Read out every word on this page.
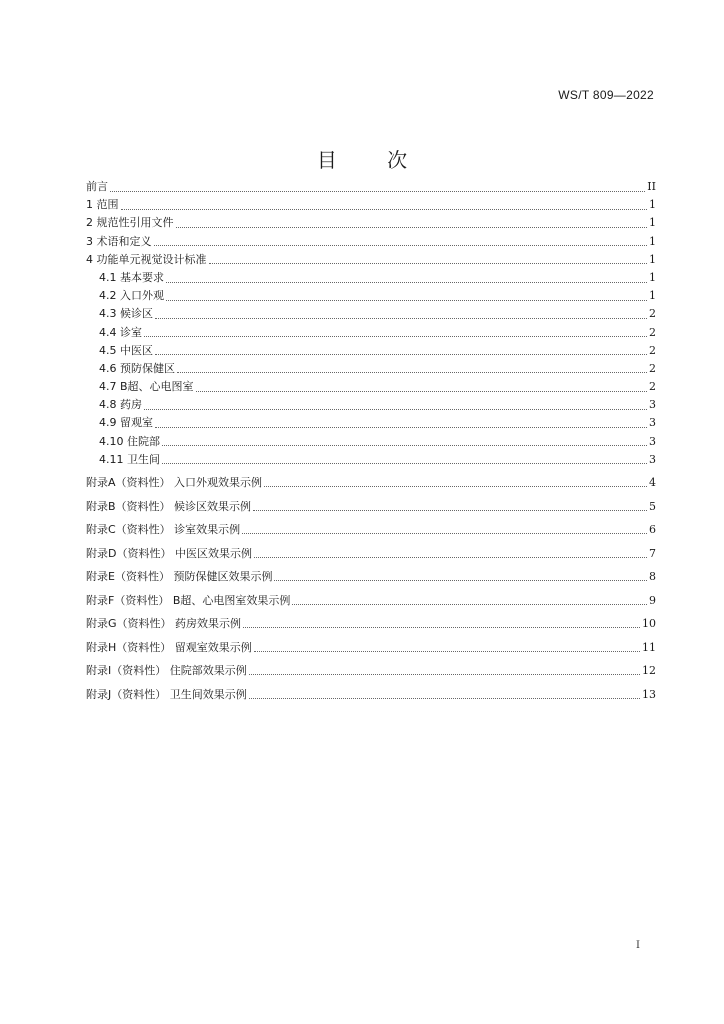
WS/T 809—2022
目 次
前言	II
1 范围	1
2 规范性引用文件	1
3 术语和定义	1
4 功能单元视觉设计标准	1
4.1 基本要求	1
4.2 入口外观	1
4.3 候诊区	2
4.4 诊室	2
4.5 中医区	2
4.6 预防保健区	2
4.7 B超、心电图室	2
4.8 药房	3
4.9 留观室	3
4.10 住院部	3
4.11 卫生间	3
附录A（资料性） 入口外观效果示例	4
附录B（资料性） 候诊区效果示例	5
附录C（资料性） 诊室效果示例	6
附录D（资料性） 中医区效果示例	7
附录E（资料性） 预防保健区效果示例	8
附录F（资料性） B超、心电图室效果示例	9
附录G（资料性） 药房效果示例	10
附录H（资料性） 留观室效果示例	11
附录I（资料性） 住院部效果示例	12
附录J（资料性） 卫生间效果示例	13
I
